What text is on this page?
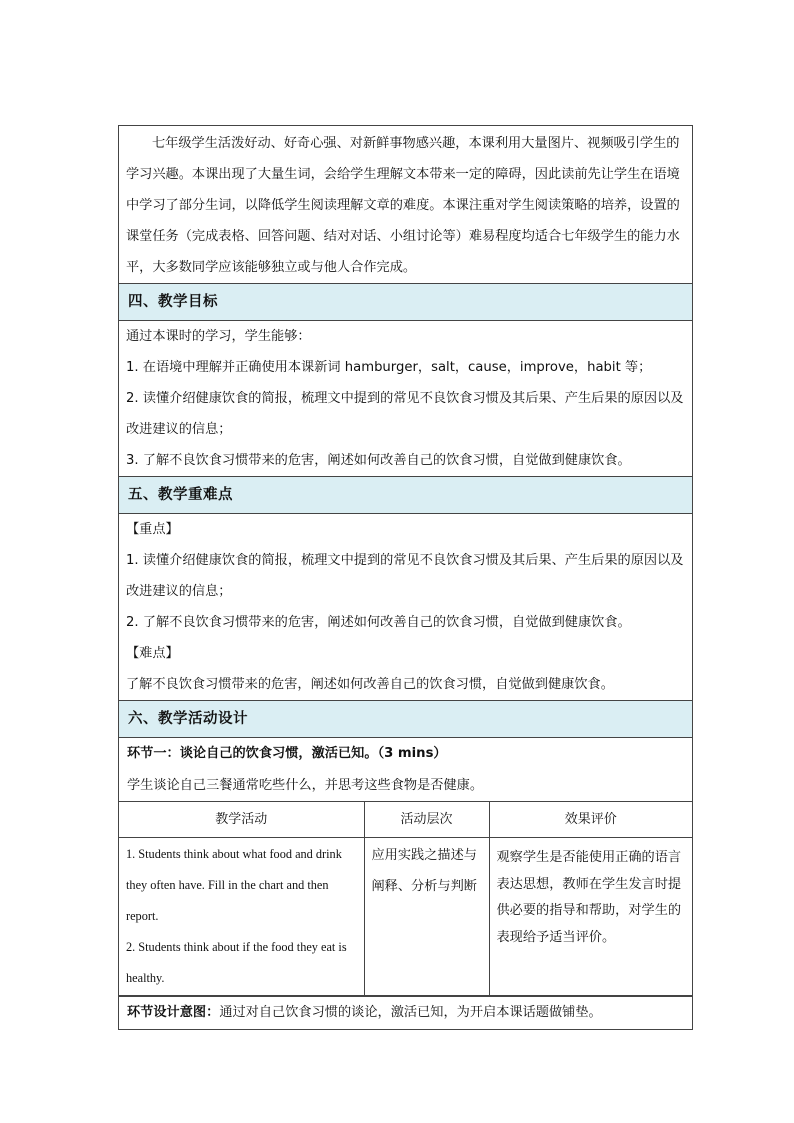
七年级学生活泼好动、好奇心强、对新鲜事物感兴趣，本课利用大量图片、视频吸引学生的学习兴趣。本课出现了大量生词，会给学生理解文本带来一定的障碍，因此读前先让学生在语境中学习了部分生词，以降低学生阅读理解文章的难度。本课注重对学生阅读策略的培养，设置的课堂任务（完成表格、回答问题、结对对话、小组讨论等）难易程度均适合七年级学生的能力水平，大多数同学应该能够独立或与他人合作完成。
四、教学目标
通过本课时的学习，学生能够：
1. 在语境中理解并正确使用本课新词 hamburger，salt，cause，improve，habit 等；
2. 读懂介绍健康饮食的简报，梳理文中提到的常见不良饮食习惯及其后果、产生后果的原因以及改进建议的信息；
3. 了解不良饮食习惯带来的危害，阐述如何改善自己的饮食习惯，自觉做到健康饮食。
五、教学重难点
【重点】
1. 读懂介绍健康饮食的简报，梳理文中提到的常见不良饮食习惯及其后果、产生后果的原因以及改进建议的信息；
2. 了解不良饮食习惯带来的危害，阐述如何改善自己的饮食习惯，自觉做到健康饮食。
【难点】
了解不良饮食习惯带来的危害，阐述如何改善自己的饮食习惯，自觉做到健康饮食。
六、教学活动设计
环节一：谈论自己的饮食习惯，激活已知。（3 mins）
学生谈论自己三餐通常吃些什么，并思考这些食物是否健康。
教学活动	活动层次	效果评价

1. Students think about what food and drink they often have. Fill in the chart and then report.
2. Students think about if the food they eat is healthy.	应用实践之描述与阐释、分析与判断	观察学生是否能使用正确的语言表达思想，教师在学生发言时提供必要的指导和帮助，对学生的表现给予适当评价。
环节设计意图：通过对自己饮食习惯的谈论，激活已知，为开启本课话题做铺垫。
